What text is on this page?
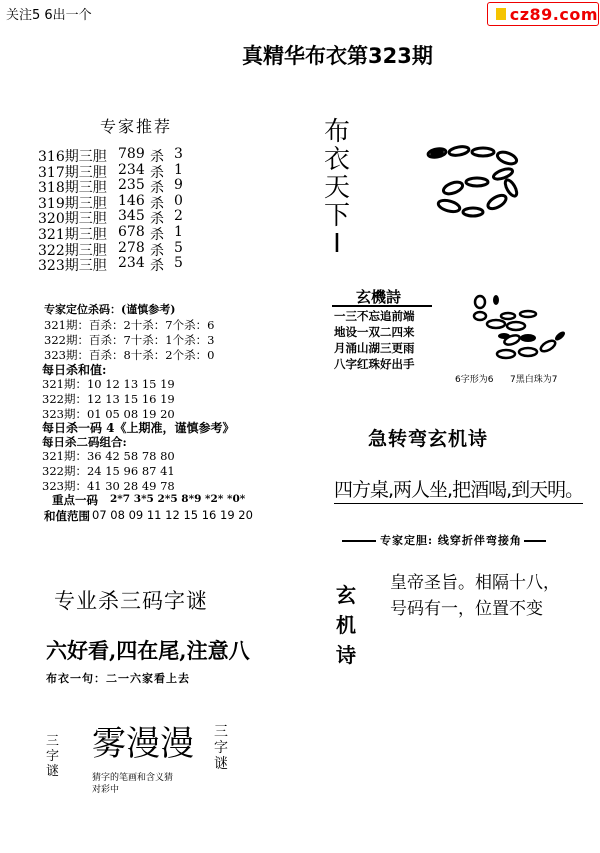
关注5 6出一个	cz89.com
真精华布衣第323期
专家推荐
316期三胆 789 杀 3
317期三胆 234 杀 1
318期三胆 235 杀 9
319期三胆 146 杀 0
320期三胆 345 杀 2
321期三胆 678 杀 1
322期三胆 278 杀 5
323期三胆 234 杀 5
专家定位杀码：(谨慎参考)
321期：百杀：2十杀：7个杀：6
322期：百杀：7十杀：1个杀：3
323期：百杀：8十杀：2个杀：0
每日杀和值:
321期：10 12 13 15 19
322期：12 13 15 16 19
323期：01 05 08 19 20
每日杀一码 4《上期准，谨慎参考》
每日杀二码组合:
321期：36 42 58 78 80
322期：24 15 96 87 41
323期：41 30 28 49 78
重点一码 2*7 3*5 2*5 8*9 *2* *0*
和值范围 07 08 09 11 12 15 16 19 20
专业杀三码字谜
六好看,四在尾,注意八
布衣一句：二一六家看上去
三
字
谜
雾漫漫
猜字的笔画和含义猜
对彩中
三
字
谜
布
衣
天
下
I
玄機詩
一三不忘追前端
地设一双二四来
月涌山湖三更雨
八字红珠好出手
6字形为6 7黑白珠为7
急转弯玄机诗
四方桌,两人坐,把酒喝,到天明。
专家定胆: 线穿折伴弯接角
玄
机
诗
皇帝圣旨。相隔十八，
号码有一，位置不变
